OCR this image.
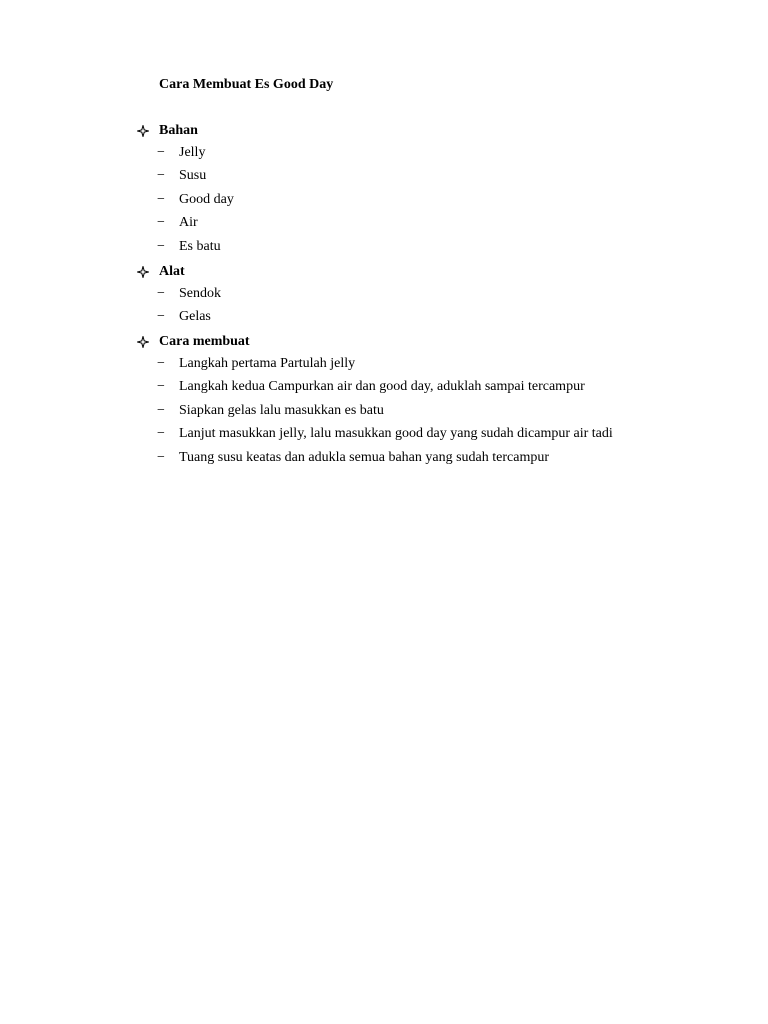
Cara Membuat Es Good Day
Bahan
−	Jelly
−	Susu
−	Good day
−	Air
−	Es batu
Alat
−	Sendok
−	Gelas
Cara membuat
−	Langkah pertama Partulah jelly
−	Langkah kedua Campurkan air dan good day, aduklah sampai tercampur
−	Siapkan gelas lalu masukkan es batu
−	Lanjut masukkan jelly, lalu masukkan good day yang sudah dicampur air tadi
−	Tuang susu keatas dan adukla semua bahan yang sudah tercampur
